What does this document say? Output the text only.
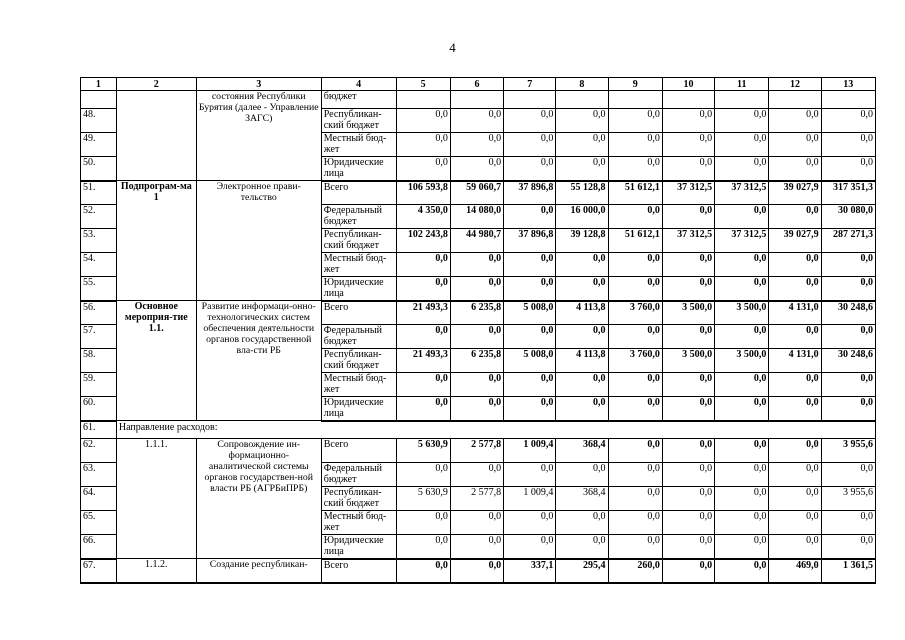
4
1	2	3	4	5	6	7	8	9	10	11	12	13
		состояния Республики Бурятия (далее - Управление ЗАГС)	бюджет									
48.			Республикан-ский бюджет	0,0	0,0	0,0	0,0	0,0	0,0	0,0	0,0	0,0
49.			Местный бюд-жет	0,0	0,0	0,0	0,0	0,0	0,0	0,0	0,0	0,0
50.			Юридические лица	0,0	0,0	0,0	0,0	0,0	0,0	0,0	0,0	0,0
51.	Подпрограм-ма 1	Электронное прави-тельство	Всего	106 593,8	59 060,7	37 896,8	55 128,8	51 612,1	37 312,5	37 312,5	39 027,9	317 351,3
52.			Федеральный бюджет	4 350,0	14 080,0	0,0	16 000,0	0,0	0,0	0,0	0,0	30 080,0
53.			Республикан-ский бюджет	102 243,8	44 980,7	37 896,8	39 128,8	51 612,1	37 312,5	37 312,5	39 027,9	287 271,3
54.			Местный бюд-жет	0,0	0,0	0,0	0,0	0,0	0,0	0,0	0,0	0,0
55.			Юридические лица	0,0	0,0	0,0	0,0	0,0	0,0	0,0	0,0	0,0
56.	Основное мероприя-тие 1.1.	Развитие информаци-онно-технологических систем обеспечения деятельности органов государственной вла-сти РБ	Всего	21 493,3	6 235,8	5 008,0	4 113,8	3 760,0	3 500,0	3 500,0	4 131,0	30 248,6
57.			Федеральный бюджет	0,0	0,0	0,0	0,0	0,0	0,0	0,0	0,0	0,0
58.			Республикан-ский бюджет	21 493,3	6 235,8	5 008,0	4 113,8	3 760,0	3 500,0	3 500,0	4 131,0	30 248,6
59.			Местный бюд-жет	0,0	0,0	0,0	0,0	0,0	0,0	0,0	0,0	0,0
60.			Юридические лица	0,0	0,0	0,0	0,0	0,0	0,0	0,0	0,0	0,0
61.	Направление расходов:											
62.	1.1.1.	Сопровождение ин-формационно-аналитической системы органов государствен-ной власти РБ (АГРБиПРБ)	Всего	5 630,9	2 577,8	1 009,4	368,4	0,0	0,0	0,0	0,0	3 955,6
63.			Федеральный бюджет	0,0	0,0	0,0	0,0	0,0	0,0	0,0	0,0	0,0
64.			Республикан-ский бюджет	5 630,9	2 577,8	1 009,4	368,4	0,0	0,0	0,0	0,0	3 955,6
65.			Местный бюд-жет	0,0	0,0	0,0	0,0	0,0	0,0	0,0	0,0	0,0
66.			Юридические лица	0,0	0,0	0,0	0,0	0,0	0,0	0,0	0,0	0,0
67.	1.1.2.	Создание республикан-	Всего	0,0	0,0	337,1	295,4	260,0	0,0	0,0	469,0	1 361,5
